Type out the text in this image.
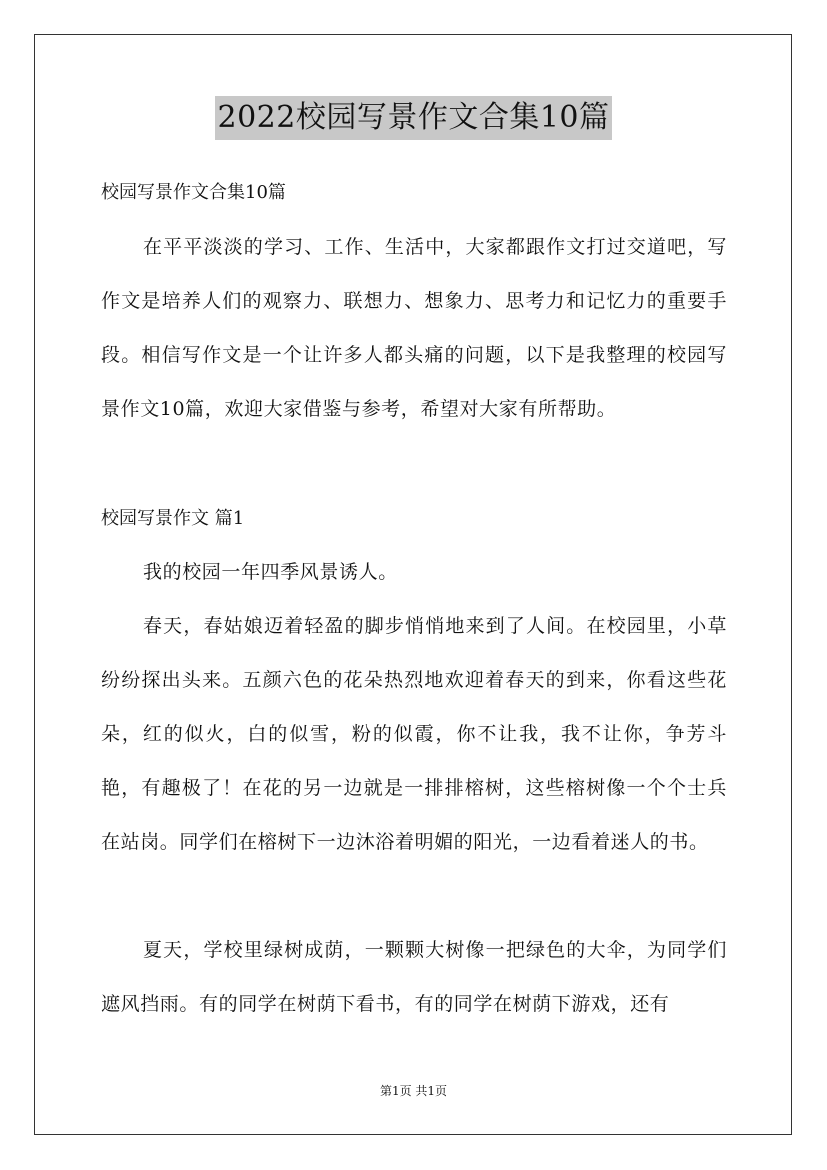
2022校园写景作文合集10篇
校园写景作文合集10篇

在平平淡淡的学习、工作、生活中，大家都跟作文打过交道吧，写作文是培养人们的观察力、联想力、想象力、思考力和记忆力的重要手段。相信写作文是一个让许多人都头痛的问题，以下是我整理的校园写景作文10篇，欢迎大家借鉴与参考，希望对大家有所帮助。

校园写景作文 篇1

我的校园一年四季风景诱人。

春天，春姑娘迈着轻盈的脚步悄悄地来到了人间。在校园里，小草纷纷探出头来。五颜六色的花朵热烈地欢迎着春天的到来，你看这些花朵，红的似火，白的似雪，粉的似霞，你不让我，我不让你，争芳斗艳，有趣极了！在花的另一边就是一排排榕树，这些榕树像一个个士兵在站岗。同学们在榕树下一边沐浴着明媚的阳光，一边看着迷人的书。

夏天，学校里绿树成荫，一颗颗大树像一把绿色的大伞，为同学们遮风挡雨。有的同学在树荫下看书，有的同学在树荫下游戏，还有

第1页 共1页
